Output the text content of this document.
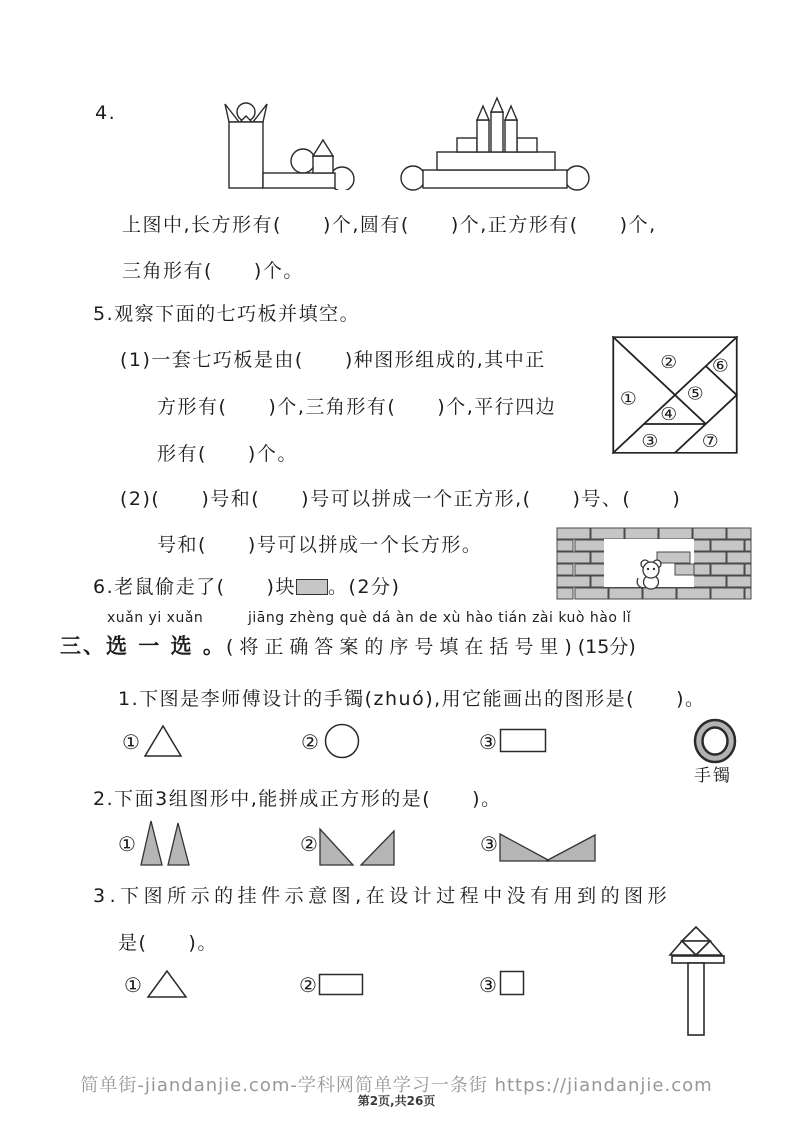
4.
上图中,长方形有(　　)个,圆有(　　)个,正方形有(　　)个,
三角形有(　　)个。
5.观察下面的七巧板并填空。
(1)一套七巧板是由(　　)种图形组成的,其中正
方形有(　　)个,三角形有(　　)个,平行四边
形有(　　)个。
(2)(　　)号和(　　)号可以拼成一个正方形,(　　)号、(　　)
号和(　　)号可以拼成一个长方形。
①
②
③
④
⑤
⑥
⑦
6.老鼠偷走了(　　)块 。(2分)
xuǎn yi xuǎn	jiāng zhèng què dá àn de xù hào tián zài kuò hào lǐ
三、选 一 选 。(将正确答案的序号填在括号里)(15分)
1.下图是李师傅设计的手镯(zhuó),用它能画出的图形是(　　)。
①	②	③
手镯
2.下面3组图形中,能拼成正方形的是(　　)。
①	②	③
3.下图所示的挂件示意图,在设计过程中没有用到的图形
是(　　)。
①	②	③
简单街-jiandanjie.com-学科网简单学习一条街 https://jiandanjie.com
第2页,共26页
